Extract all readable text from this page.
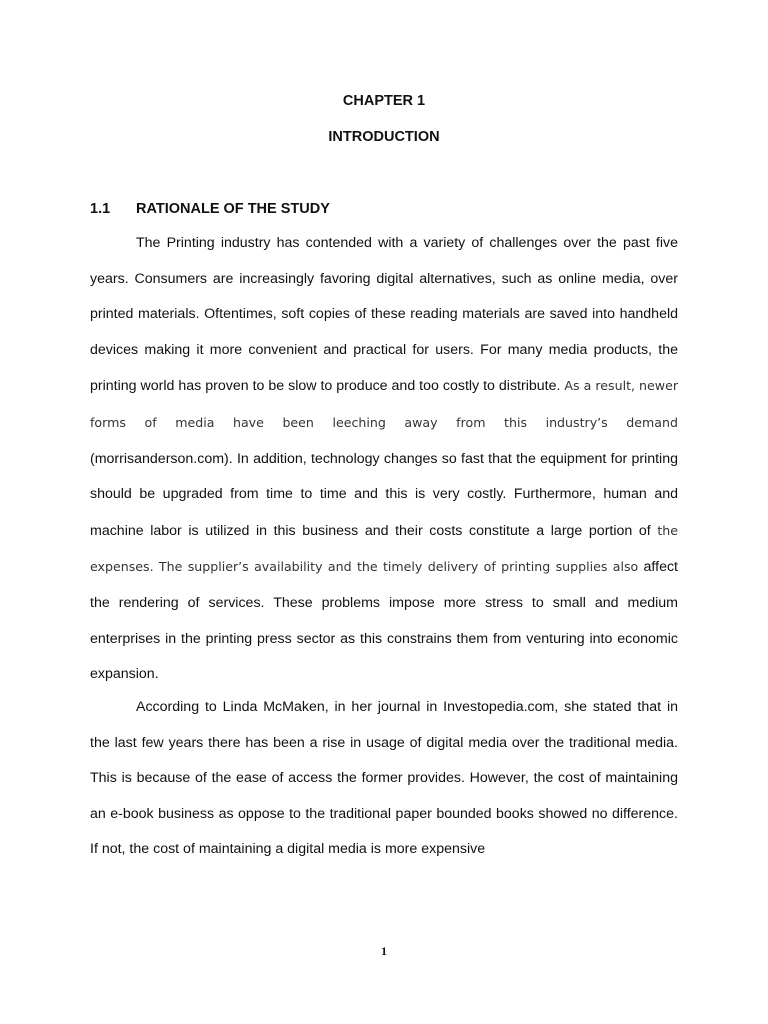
CHAPTER 1
INTRODUCTION
1.1 RATIONALE OF THE STUDY

The Printing industry has contended with a variety of challenges over the past five years. Consumers are increasingly favoring digital alternatives, such as online media, over printed materials. Oftentimes, soft copies of these reading materials are saved into handheld devices making it more convenient and practical for users. For many media products, the printing world has proven to be slow to produce and too costly to distribute. As a result, newer forms of media have been leeching away from this industry’s demand (morrisanderson.com). In addition, technology changes so fast that the equipment for printing should be upgraded from time to time and this is very costly. Furthermore, human and machine labor is utilized in this business and their costs constitute a large portion of the expenses. The supplier’s availability and the timely delivery of printing supplies also affect the rendering of services. These problems impose more stress to small and medium enterprises in the printing press sector as this constrains them from venturing into economic expansion.

According to Linda McMaken, in her journal in Investopedia.com, she stated that in the last few years there has been a rise in usage of digital media over the traditional media. This is because of the ease of access the former provides. However, the cost of maintaining an e-book business as oppose to the traditional paper bounded books showed no difference. If not, the cost of maintaining a digital media is more expensive

1
